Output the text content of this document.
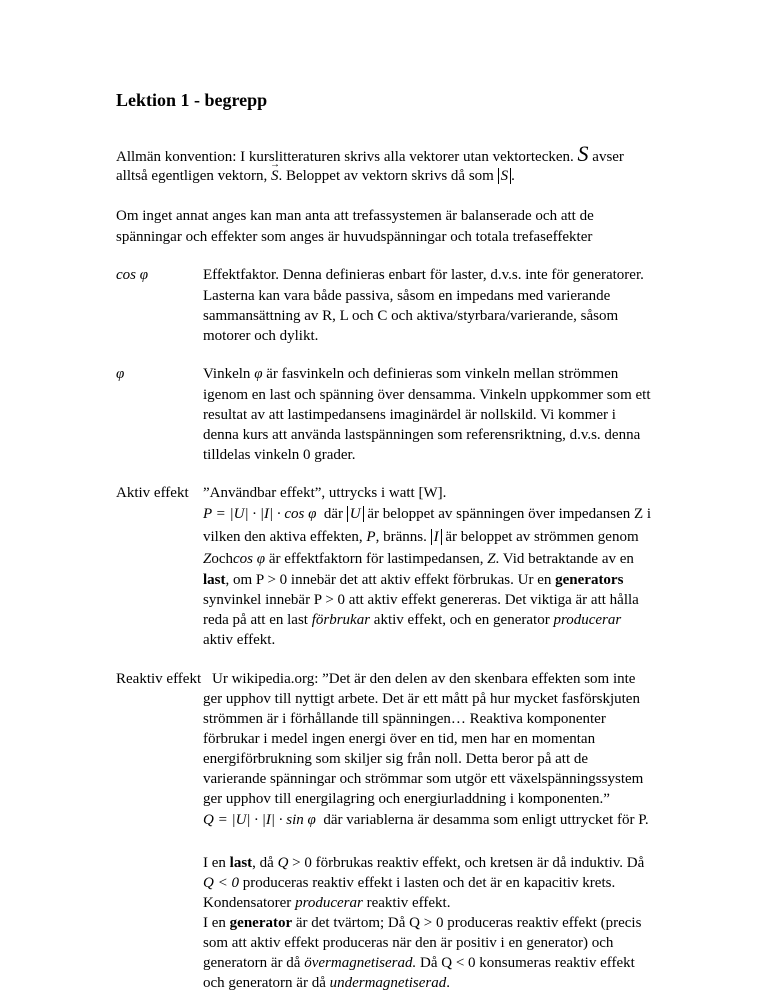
Lektion 1 - begrepp
Allmän konvention: I kurslitteraturen skrivs alla vektorer utan vektortecken. S avser
alltså egentligen vektorn, → S. Beloppet av vektorn skrivs då som S .
Om inget annat anges kan man anta att trefassystemen är balanserade och att de
spänningar och effekter som anges är huvudspänningar och totala trefaseffekter
cos φ	Effektfaktor. Denna definieras enbart för laster, d.v.s. inte för generatorer.
Lasterna kan vara både passiva, såsom en impedans med varierande
sammansättning av R, L och C och aktiva/styrbara/varierande, såsom
motorer och dylikt.
φ	Vinkeln φ är fasvinkeln och definieras som vinkeln mellan strömmen
igenom en last och spänning över densamma. Vinkeln uppkommer som ett
resultat av att lastimpedansens imaginärdel är nollskild. Vi kommer i
denna kurs att använda lastspänningen som referensriktning, d.v.s. denna
tilldelas vinkeln 0 grader.
Aktiv effekt ”Användbar effekt”, uttrycks i watt [W].
P = |U| · |I| · cos φ där U är beloppet av spänningen över impedansen Z i
vilken den aktiva effekten, P, bränns. I är beloppet av strömmen genom
Zochcos φ är effektfaktorn för lastimpedansen, Z. Vid betraktande av en
last, om P > 0 innebär det att aktiv effekt förbrukas. Ur en generators
synvinkel innebär P > 0 att aktiv effekt genereras. Det viktiga är att hålla
reda på att en last förbrukar aktiv effekt, och en generator producerar
aktiv effekt.
Reaktiv effekt Ur wikipedia.org: ”Det är den delen av den skenbara effekten som inte
ger upphov till nyttigt arbete. Det är ett mått på hur mycket fasförskjuten
strömmen är i förhållande till spänningen… Reaktiva komponenter
förbrukar i medel ingen energi över en tid, men har en momentan
energiförbrukning som skiljer sig från noll. Detta beror på att de
varierande spänningar och strömmar som utgör ett växelspänningssystem
ger upphov till energilagring och energiurladdning i komponenten.”
Q = |U| · |I| · sin φ där variablerna är desamma som enligt uttrycket för P.
I en last, då Q > 0 förbrukas reaktiv effekt, och kretsen är då induktiv. Då
Q < 0 produceras reaktiv effekt i lasten och det är en kapacitiv krets.
Kondensatorer producerar reaktiv effekt.
I en generator är det tvärtom; Då Q > 0 produceras reaktiv effekt (precis
som att aktiv effekt produceras när den är positiv i en generator) och
generatorn är då övermagnetiserad. Då Q < 0 konsumeras reaktiv effekt
och generatorn är då undermagnetiserad.
